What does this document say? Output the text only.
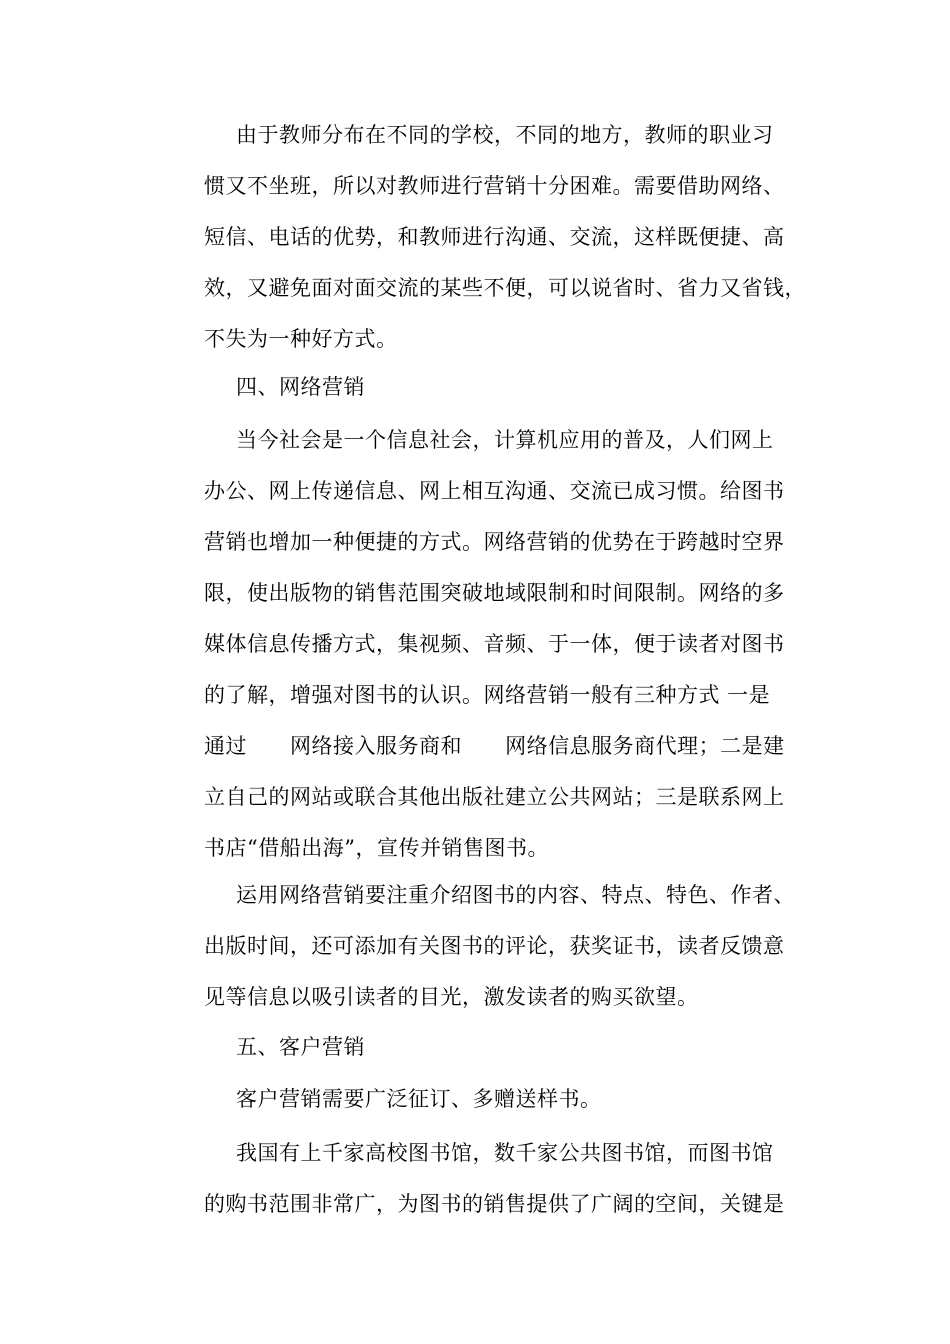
由于教师分布在不同的学校，不同的地方，教师的职业习
惯又不坐班，所以对教师进行营销十分困难。需要借助网络、
短信、电话的优势，和教师进行沟通、交流，这样既便捷、高
效，又避免面对面交流的某些不便，可以说省时、省力又省钱，
不失为一种好方式。
四、网络营销
当今社会是一个信息社会，计算机应用的普及，人们网上
办公、网上传递信息、网上相互沟通、交流已成习惯。给图书
营销也增加一种便捷的方式。网络营销的优势在于跨越时空界
限，使出版物的销售范围突破地域限制和时间限制。网络的多
媒体信息传播方式，集视频、音频、于一体，便于读者对图书
的了解，增强对图书的认识。网络营销一般有三种方式 一是
通过      网络接入服务商和      网络信息服务商代理；二是建
立自己的网站或联合其他出版社建立公共网站；三是联系网上
书店“借船出海”，宣传并销售图书。
运用网络营销要注重介绍图书的内容、特点、特色、作者、
出版时间，还可添加有关图书的评论，获奖证书，读者反馈意
见等信息以吸引读者的目光，激发读者的购买欲望。
五、客户营销
客户营销需要广泛征订、多赠送样书。
我国有上千家高校图书馆，数千家公共图书馆，而图书馆
的购书范围非常广，为图书的销售提供了广阔的空间，关键是
